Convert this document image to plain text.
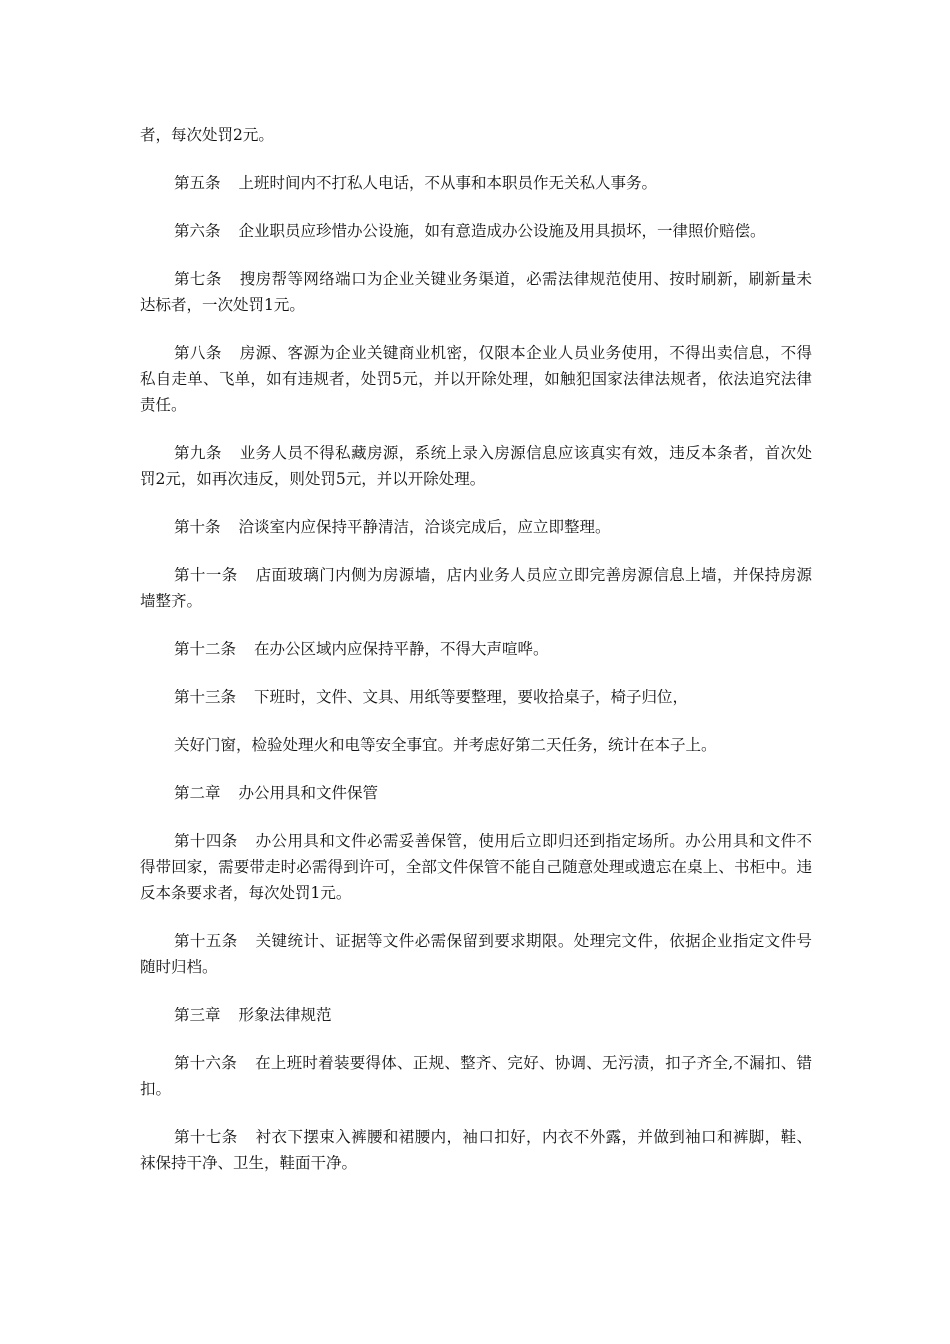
者，每次处罚2元。

第五条 上班时间内不打私人电话，不从事和本职员作无关私人事务。

第六条 企业职员应珍惜办公设施，如有意造成办公设施及用具损坏，一律照价赔偿。

第七条 搜房帮等网络端口为企业关键业务渠道，必需法律规范使用、按时刷新，刷新量未达标者，一次处罚1元。

第八条 房源、客源为企业关键商业机密，仅限本企业人员业务使用，不得出卖信息，不得私自走单、飞单，如有违规者，处罚5元，并以开除处理，如触犯国家法律法规者，依法追究法律责任。

第九条 业务人员不得私藏房源，系统上录入房源信息应该真实有效，违反本条者，首次处罚2元，如再次违反，则处罚5元，并以开除处理。

第十条 洽谈室内应保持平静清洁，洽谈完成后，应立即整理。

第十一条 店面玻璃门内侧为房源墙，店内业务人员应立即完善房源信息上墙，并保持房源墙整齐。

第十二条 在办公区域内应保持平静，不得大声喧哗。

第十三条 下班时，文件、文具、用纸等要整理，要收拾桌子，椅子归位，

关好门窗，检验处理火和电等安全事宜。并考虑好第二天任务，统计在本子上。

第二章 办公用具和文件保管

第十四条 办公用具和文件必需妥善保管，使用后立即归还到指定场所。办公用具和文件不得带回家，需要带走时必需得到许可，全部文件保管不能自己随意处理或遗忘在桌上、书柜中。违反本条要求者，每次处罚1元。

第十五条 关键统计、证据等文件必需保留到要求期限。处理完文件，依据企业指定文件号随时归档。

第三章 形象法律规范

第十六条 在上班时着装要得体、正规、整齐、完好、协调、无污渍，扣子齐全,不漏扣、错扣。

第十七条 衬衣下摆束入裤腰和裙腰内，袖口扣好，内衣不外露，并做到袖口和裤脚，鞋、袜保持干净、卫生，鞋面干净。
